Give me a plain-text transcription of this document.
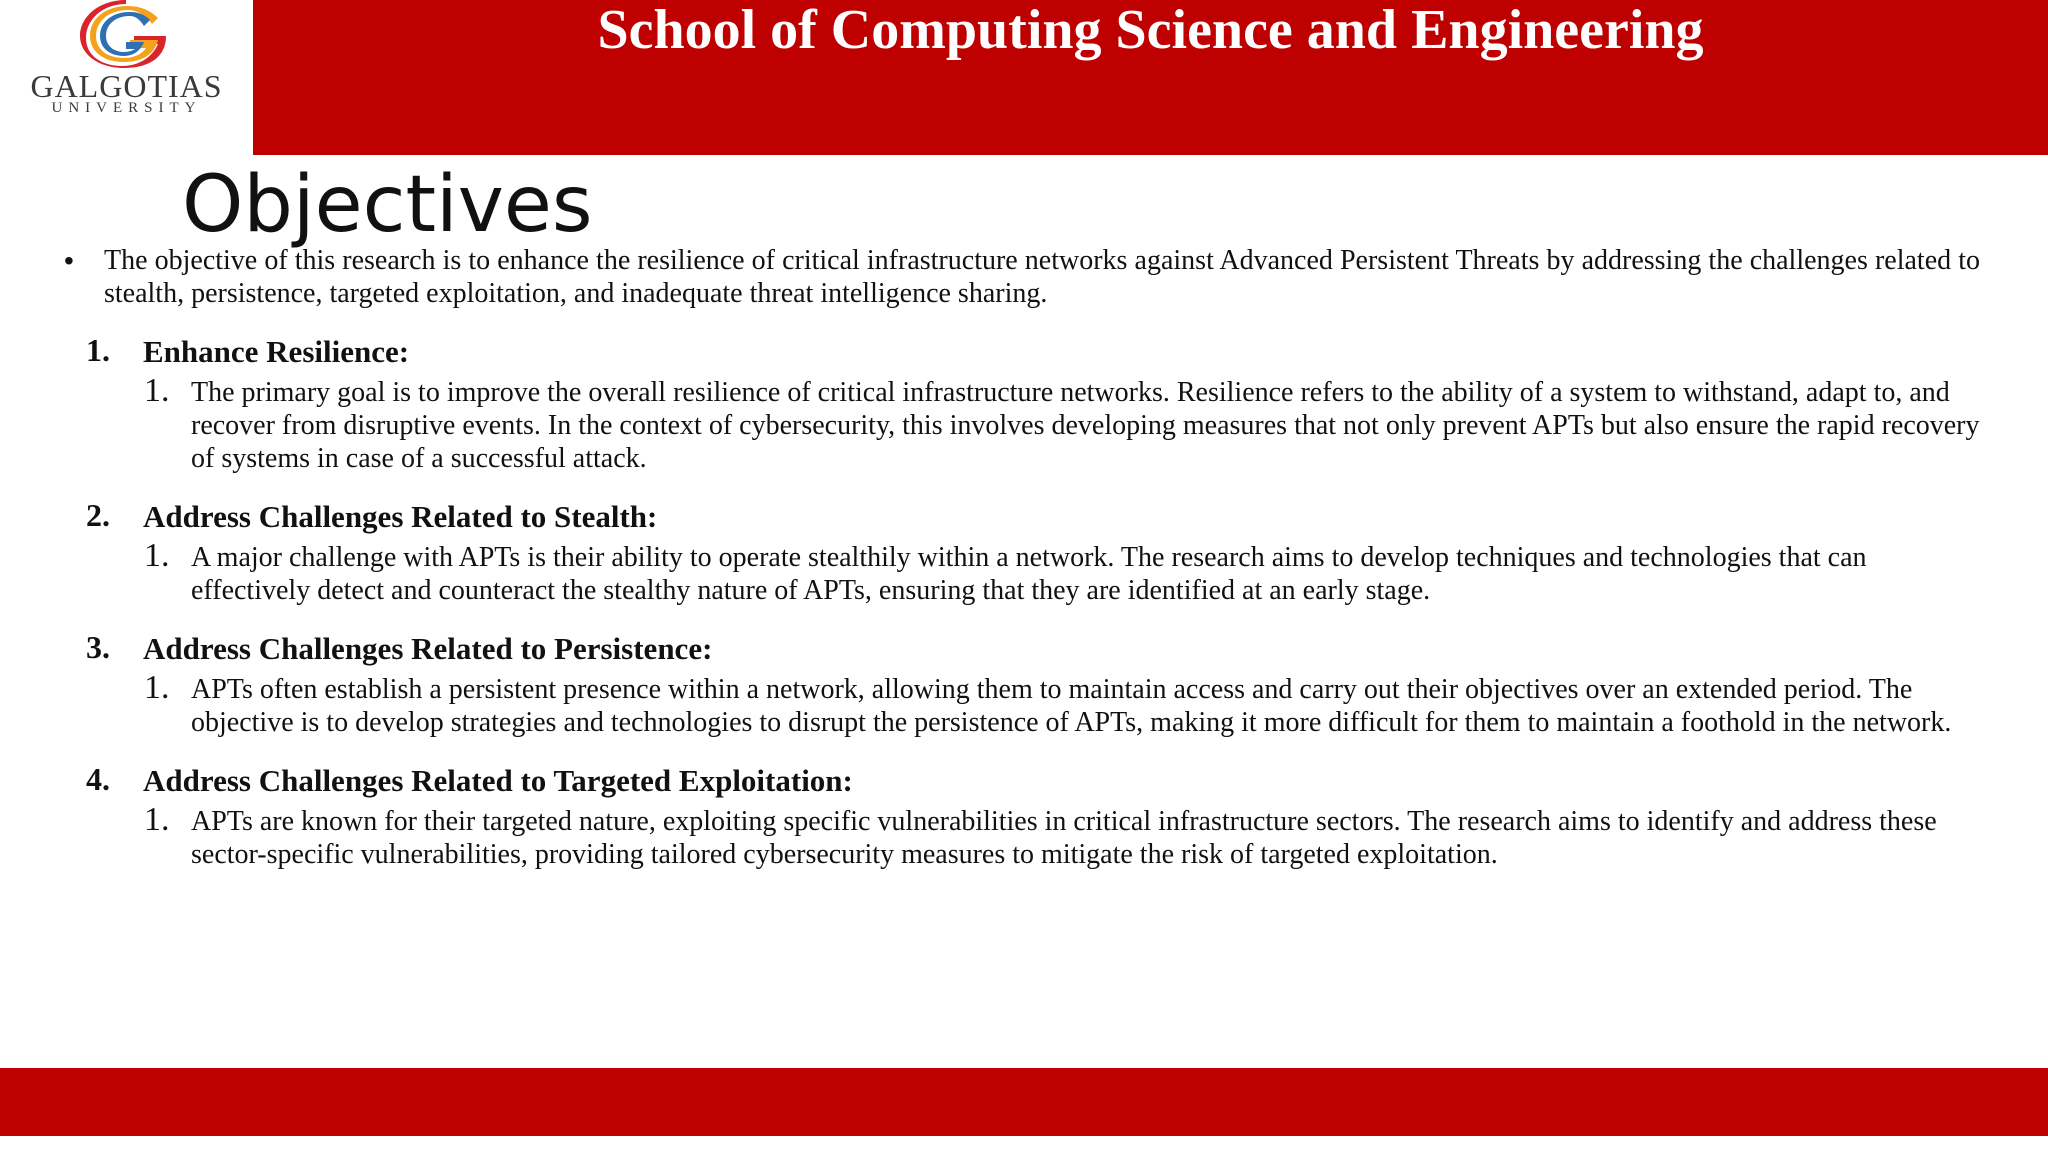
GALGOTIAS
UNIVERSITY
School of Computing Science and Engineering
Objectives
• The objective of this research is to enhance the resilience of critical infrastructure networks against Advanced Persistent Threats by addressing the challenges related to stealth, persistence, targeted exploitation, and inadequate threat intelligence sharing.

1. Enhance Resilience:
1. The primary goal is to improve the overall resilience of critical infrastructure networks. Resilience refers to the ability of a system to withstand, adapt to, and recover from disruptive events. In the context of cybersecurity, this involves developing measures that not only prevent APTs but also ensure the rapid recovery of systems in case of a successful attack.

2. Address Challenges Related to Stealth:
1. A major challenge with APTs is their ability to operate stealthily within a network. The research aims to develop techniques and technologies that can effectively detect and counteract the stealthy nature of APTs, ensuring that they are identified at an early stage.

3. Address Challenges Related to Persistence:
1. APTs often establish a persistent presence within a network, allowing them to maintain access and carry out their objectives over an extended period. The objective is to develop strategies and technologies to disrupt the persistence of APTs, making it more difficult for them to maintain a foothold in the network.

4. Address Challenges Related to Targeted Exploitation:
1. APTs are known for their targeted nature, exploiting specific vulnerabilities in critical infrastructure sectors. The research aims to identify and address these sector-specific vulnerabilities, providing tailored cybersecurity measures to mitigate the risk of targeted exploitation.
